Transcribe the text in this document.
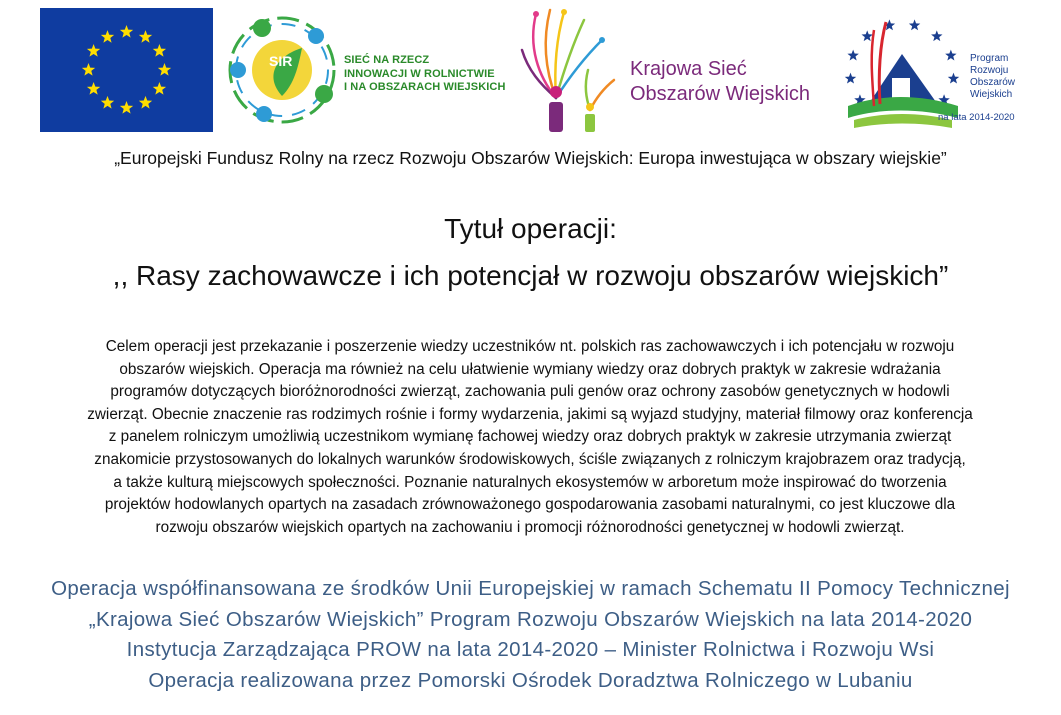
SIR	SIEĆ NA RZECZ
INNOWACJI W ROLNICTWIE
I NA OBSZARACH WIEJSKICH
Krajowa Sieć
Obszarów Wiejskich
Program
Rozwoju
Obszarów
Wiejskich
na lata 2014-2020
„Europejski Fundusz Rolny na rzecz Rozwoju Obszarów Wiejskich: Europa inwestująca w obszary wiejskie”
Tytuł operacji:
,, Rasy zachowawcze i ich potencjał w rozwoju obszarów wiejskich”
Celem operacji jest przekazanie i poszerzenie wiedzy uczestników nt. polskich ras zachowawczych i ich potencjału w rozwoju
obszarów wiejskich. Operacja ma również na celu ułatwienie wymiany wiedzy oraz dobrych praktyk w zakresie wdrażania
programów dotyczących bioróżnorodności zwierząt, zachowania puli genów oraz ochrony zasobów genetycznych w hodowli
zwierząt. Obecnie znaczenie ras rodzimych rośnie i formy wydarzenia, jakimi są wyjazd studyjny, materiał filmowy oraz konferencja
z panelem rolniczym umożliwią uczestnikom wymianę fachowej wiedzy oraz dobrych praktyk w zakresie utrzymania zwierząt
znakomicie przystosowanych do lokalnych warunków środowiskowych, ściśle związanych z rolniczym krajobrazem oraz tradycją,
a także kulturą miejscowych społeczności. Poznanie naturalnych ekosystemów w arboretum może inspirować do tworzenia
projektów hodowlanych opartych na zasadach zrównoważonego gospodarowania zasobami naturalnymi, co jest kluczowe dla
rozwoju obszarów wiejskich opartych na zachowaniu i promocji różnorodności genetycznej w hodowli zwierząt.
Operacja współfinansowana ze środków Unii Europejskiej w ramach Schematu II Pomocy Technicznej
„Krajowa Sieć Obszarów Wiejskich” Program Rozwoju Obszarów Wiejskich na lata 2014-2020
Instytucja Zarządzająca PROW na lata 2014-2020 – Minister Rolnictwa i Rozwoju Wsi
Operacja realizowana przez Pomorski Ośrodek Doradztwa Rolniczego w Lubaniu
